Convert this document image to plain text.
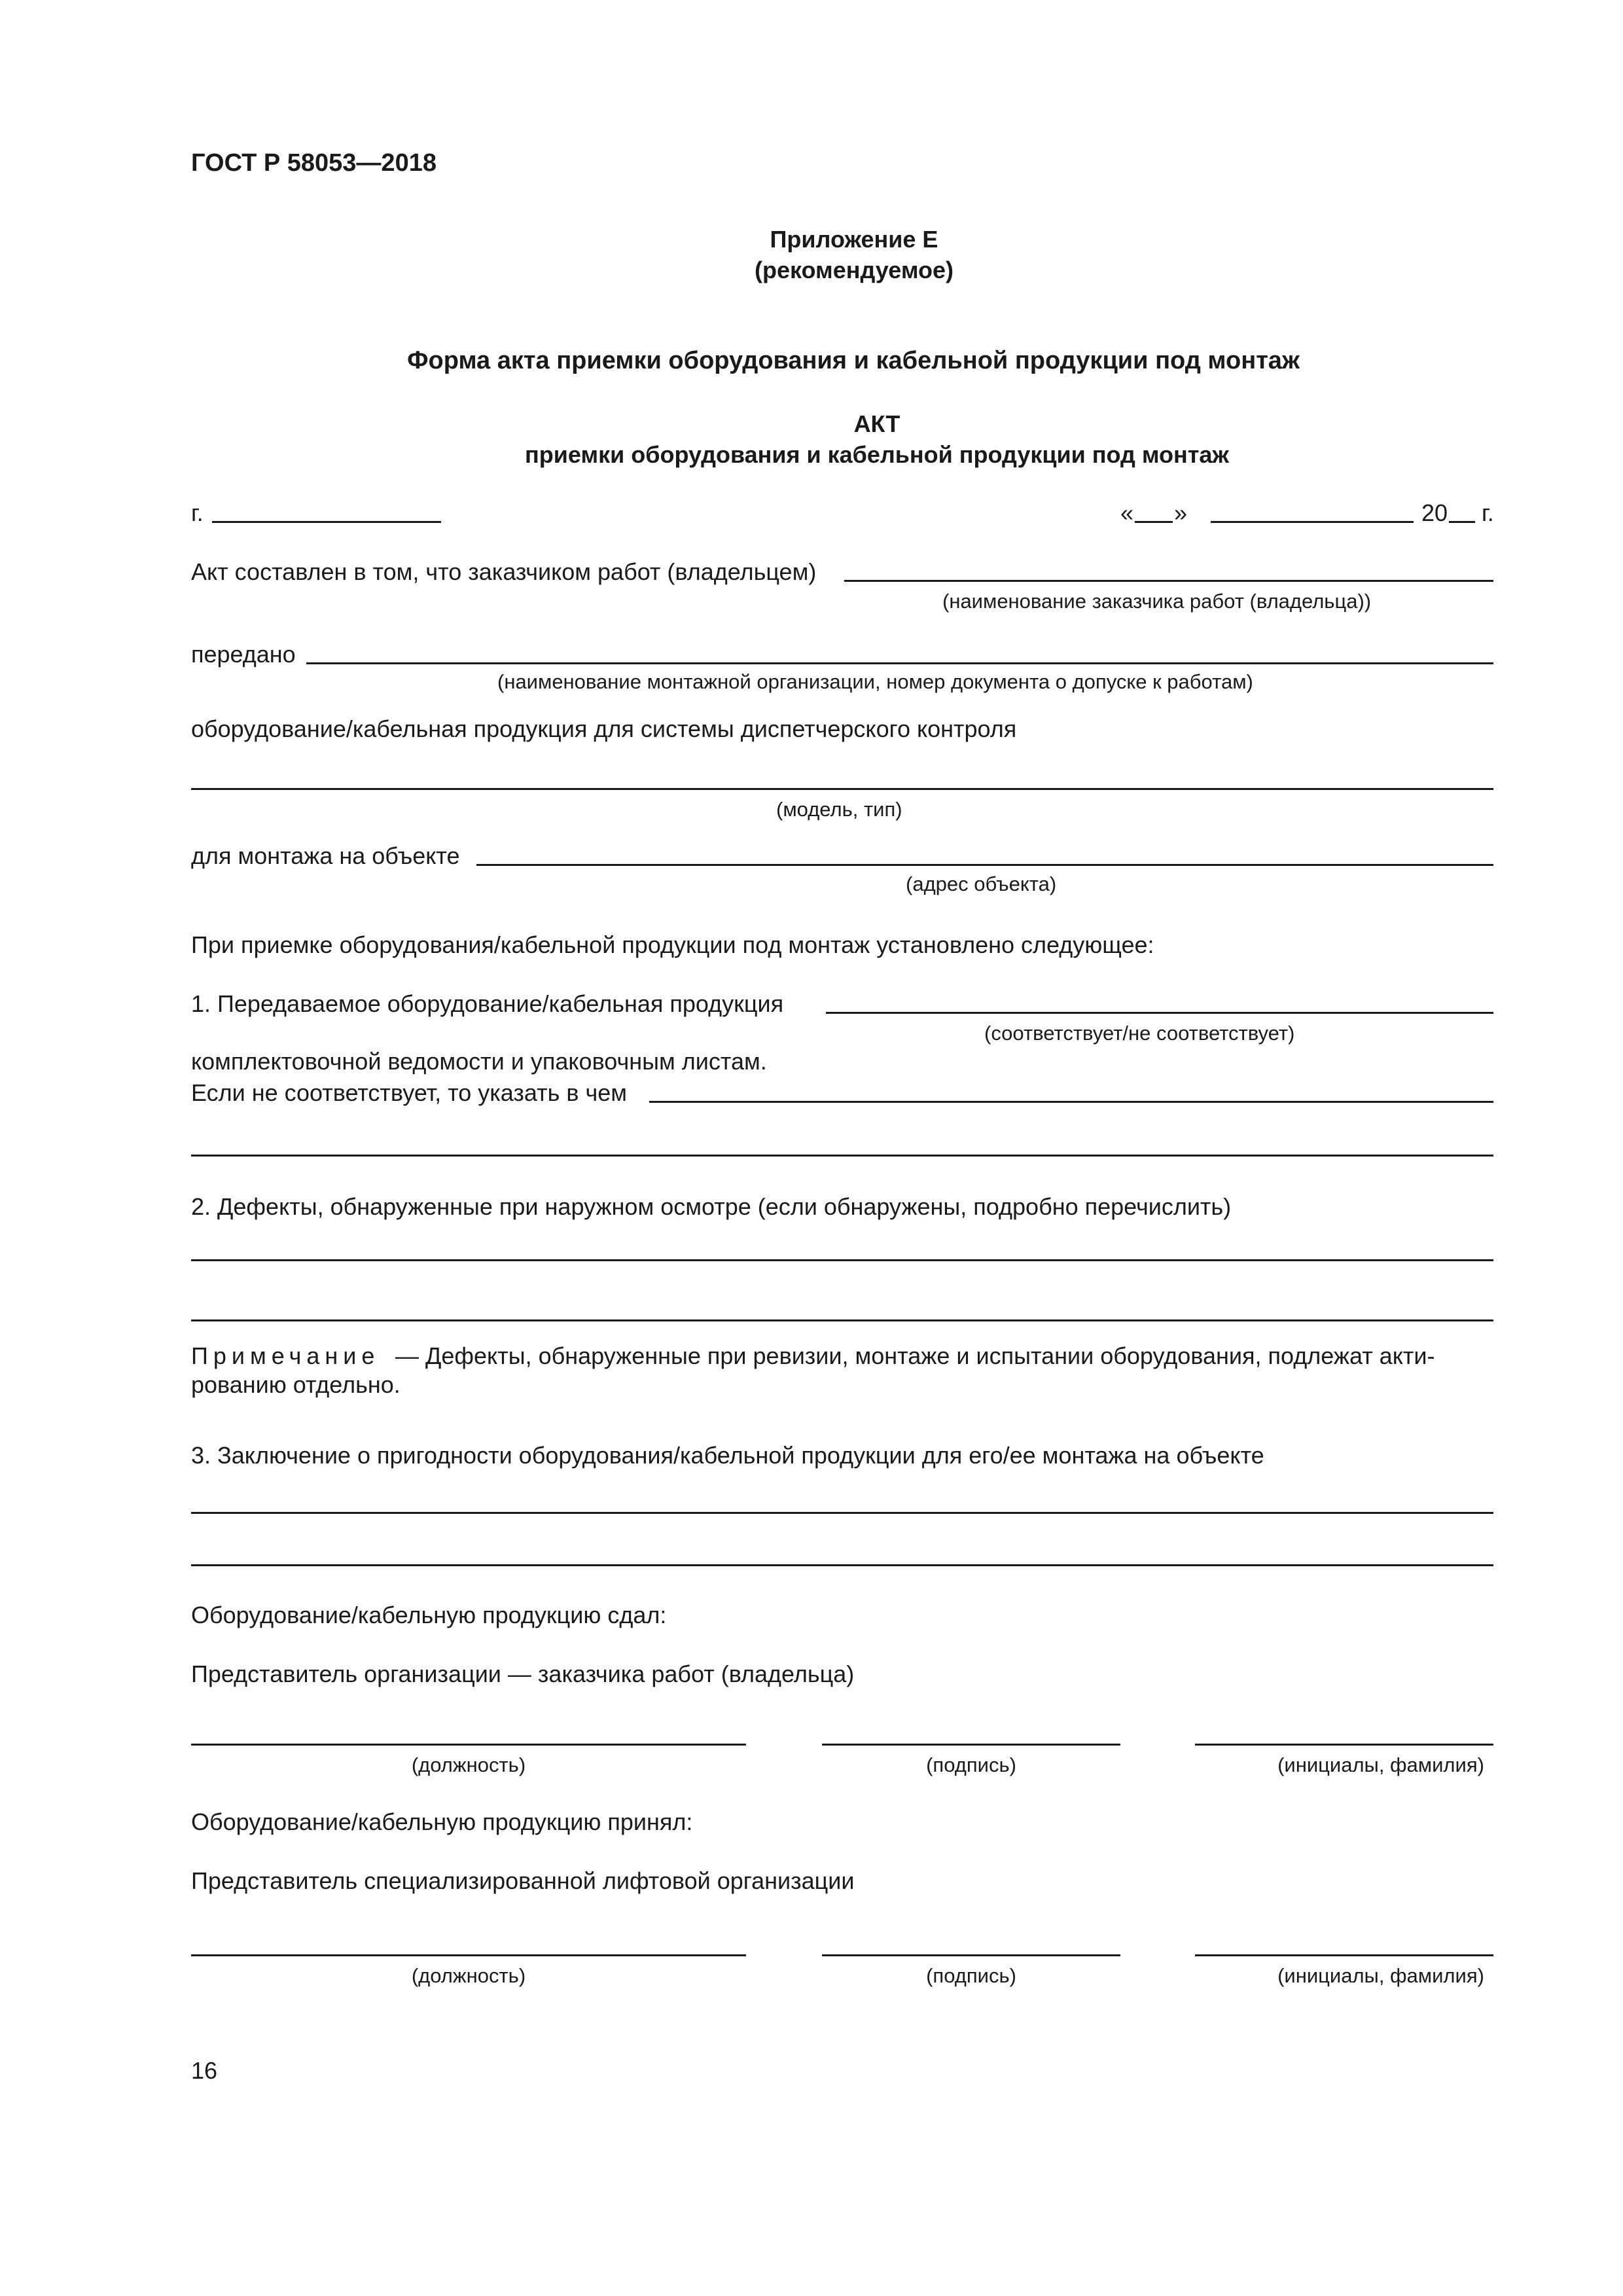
ГОСТ Р 58053—2018
Приложение Е
(рекомендуемое)
Форма акта приемки оборудования и кабельной продукции под монтаж
АКТ
приемки оборудования и кабельной продукции под монтаж
г.	« »	20 г.
Акт составлен в том, что заказчиком работ (владельцем)
(наименование заказчика работ (владельца))
передано
(наименование монтажной организации, номер документа о допуске к работам)
оборудование/кабельная продукция для системы диспетчерского контроля
(модель, тип)
для монтажа на объекте
(адрес объекта)
При приемке оборудования/кабельной продукции под монтаж установлено следующее:
1. Передаваемое оборудование/кабельная продукция
(соответствует/не соответствует)
комплектовочной ведомости и упаковочным листам.
Если не соответствует, то указать в чем
2. Дефекты, обнаруженные при наружном осмотре (если обнаружены, подробно перечислить)
Примечание — Дефекты, обнаруженные при ревизии, монтаже и испытании оборудования, подлежат акти-
рованию отдельно.
3. Заключение о пригодности оборудования/кабельной продукции для его/ее монтажа на объекте
Оборудование/кабельную продукцию сдал:
Представитель организации — заказчика работ (владельца)
(должность)	(подпись)	(инициалы, фамилия)
Оборудование/кабельную продукцию принял:
Представитель специализированной лифтовой организации
(должность)	(подпись)	(инициалы, фамилия)
16
